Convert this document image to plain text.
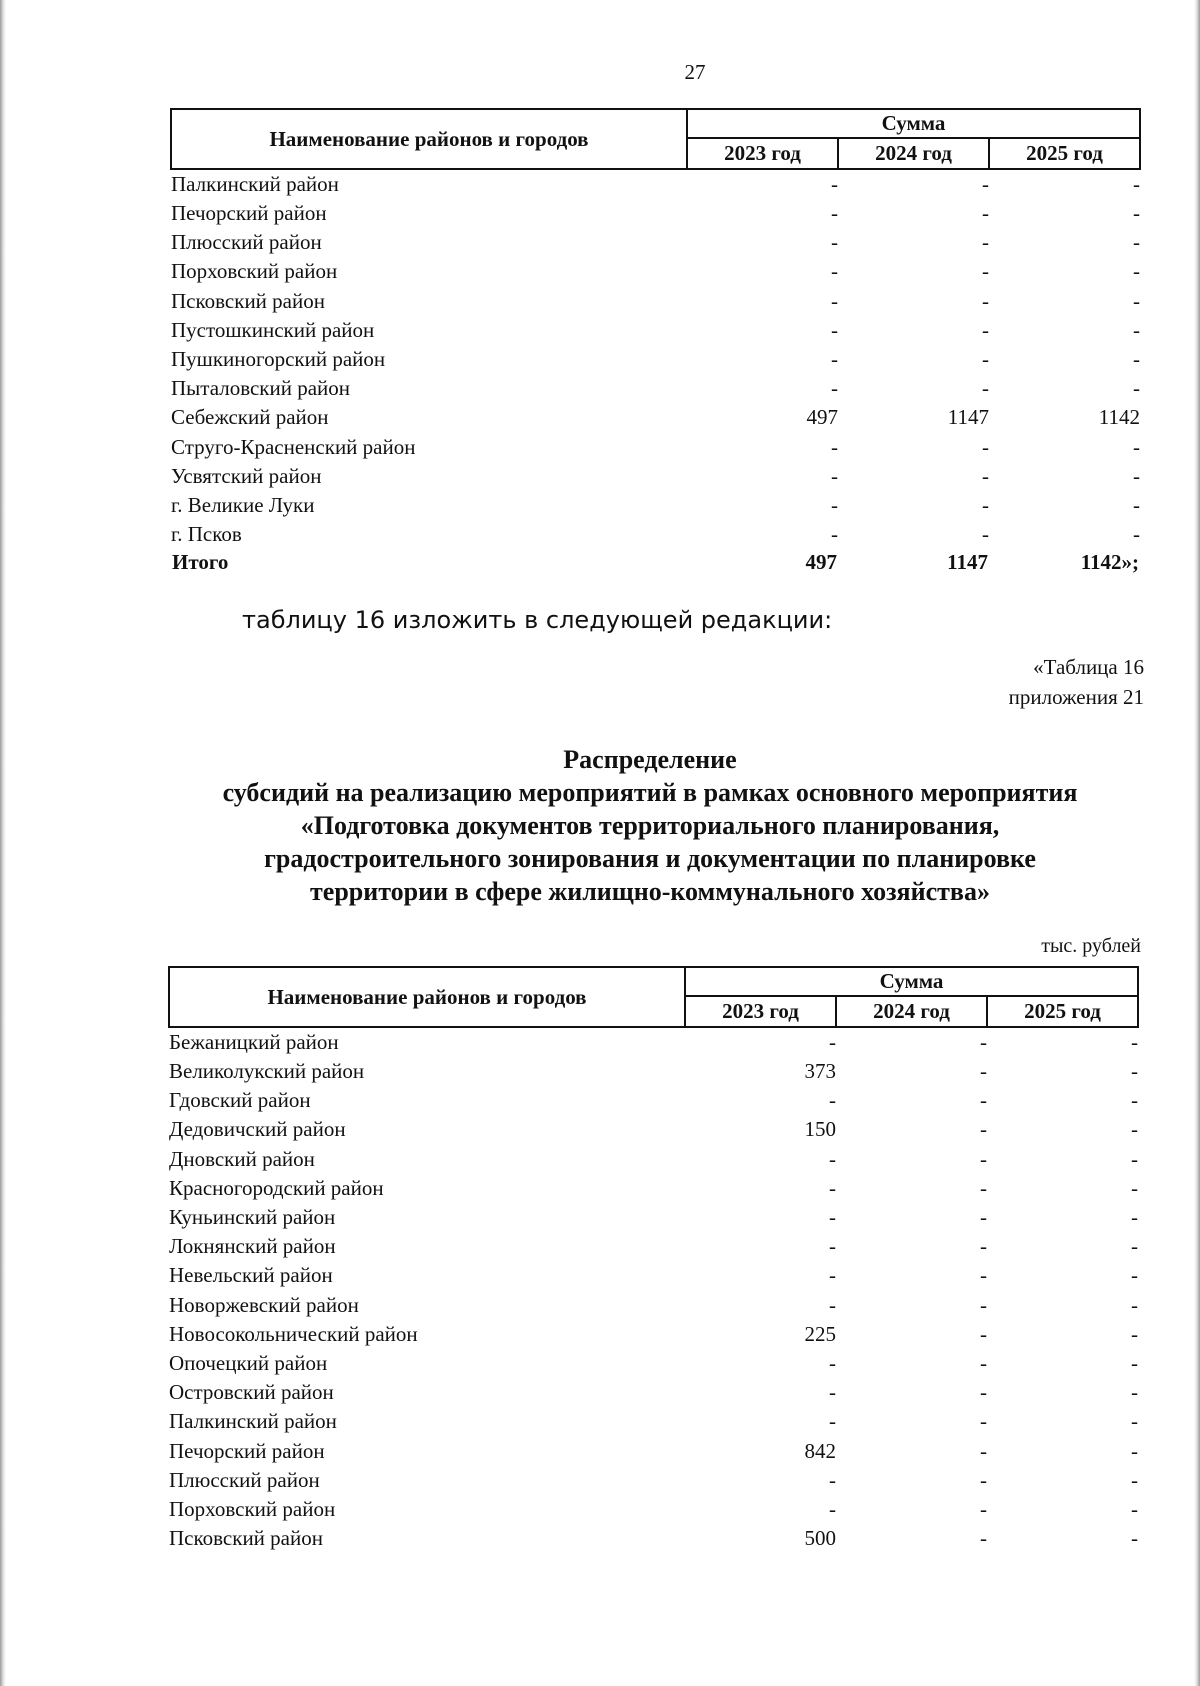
27
Наименование районов и городов	Сумма		
	2023 год	2024 год	2025 год
Палкинский район	-	-	-
Печорский район	-	-	-
Плюсский район	-	-	-
Порховский район	-	-	-
Псковский район	-	-	-
Пустошкинский район	-	-	-
Пушкиногорский район	-	-	-
Пыталовский район	-	-	-
Себежский район	497	1147	1142
Струго-Красненский район	-	-	-
Усвятский район	-	-	-
г. Великие Луки	-	-	-
г. Псков	-	-	-
Итого	497	1147	1142»;
таблицу 16 изложить в следующей редакции:
«Таблица 16
приложения 21
Распределение
субсидий на реализацию мероприятий в рамках основного мероприятия
«Подготовка документов территориального планирования,
градостроительного зонирования и документации по планировке
территории в сфере жилищно-коммунального хозяйства»
тыс. рублей
Наименование районов и городов	Сумма		
	2023 год	2024 год	2025 год
Бежаницкий район	-	-	-
Великолукский район	373	-	-
Гдовский район	-	-	-
Дедовичский район	150	-	-
Дновский район	-	-	-
Красногородский район	-	-	-
Куньинский район	-	-	-
Локнянский район	-	-	-
Невельский район	-	-	-
Новоржевский район	-	-	-
Новосокольнический район	225	-	-
Опочецкий район	-	-	-
Островский район	-	-	-
Палкинский район	-	-	-
Печорский район	842	-	-
Плюсский район	-	-	-
Порховский район	-	-	-
Псковский район	500	-	-
